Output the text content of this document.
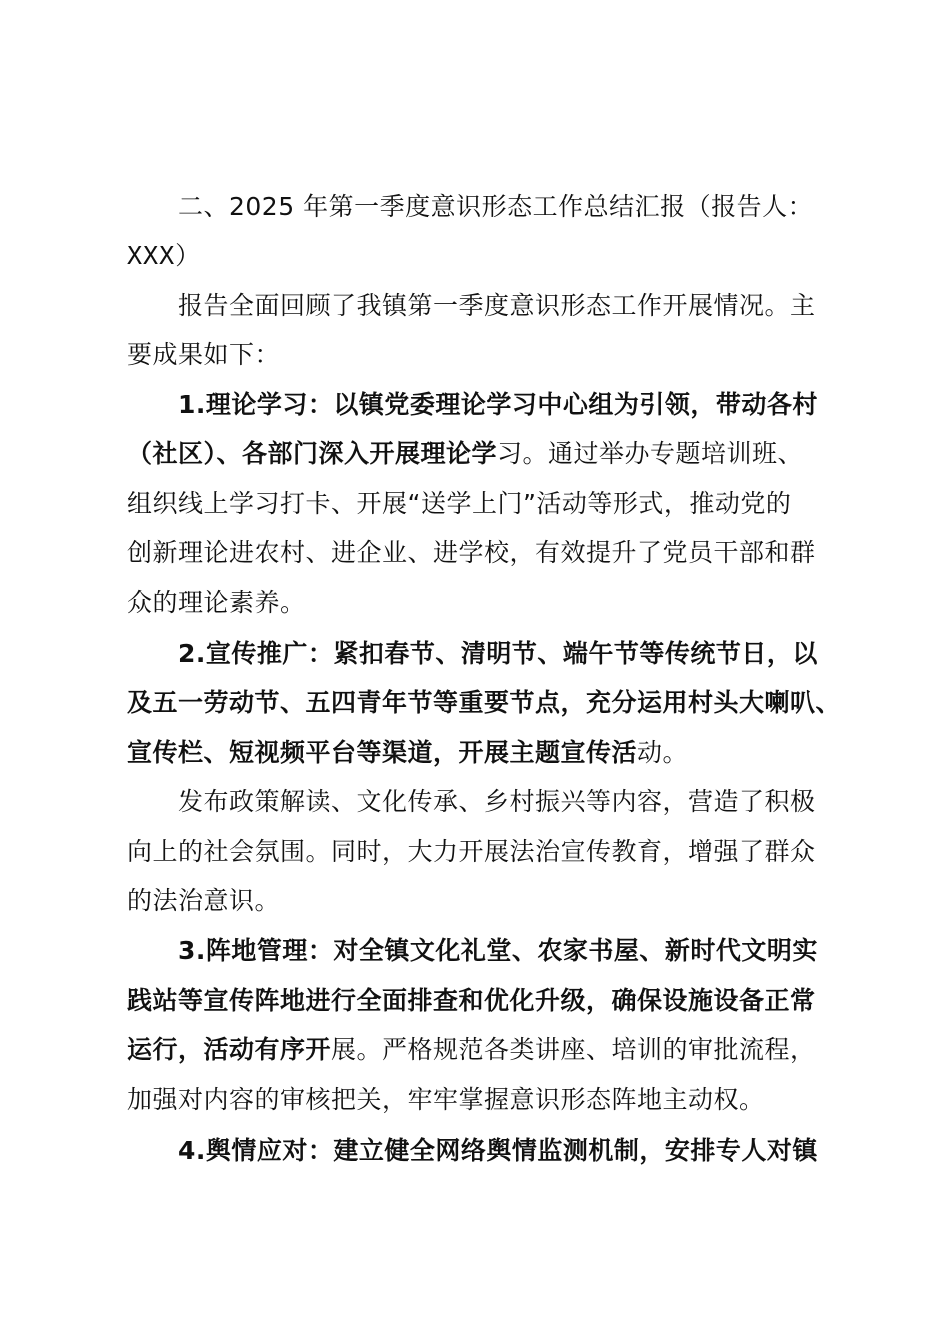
二、2025 年第一季度意识形态工作总结汇报（报告人：
XXX）
报告全面回顾了我镇第一季度意识形态工作开展情况。主
要成果如下：
1.理论学习：以镇党委理论学习中心组为引领，带动各村
（社区）、各部门深入开展理论学习。通过举办专题培训班、
组织线上学习打卡、开展“送学上门”活动等形式，推动党的
创新理论进农村、进企业、进学校，有效提升了党员干部和群
众的理论素养。
2.宣传推广：紧扣春节、清明节、端午节等传统节日，以
及五一劳动节、五四青年节等重要节点，充分运用村头大喇叭、
宣传栏、短视频平台等渠道，开展主题宣传活动。
发布政策解读、文化传承、乡村振兴等内容，营造了积极
向上的社会氛围。同时，大力开展法治宣传教育，增强了群众
的法治意识。
3.阵地管理：对全镇文化礼堂、农家书屋、新时代文明实
践站等宣传阵地进行全面排查和优化升级，确保设施设备正常
运行，活动有序开展。严格规范各类讲座、培训的审批流程，
加强对内容的审核把关，牢牢掌握意识形态阵地主动权。
4.舆情应对：建立健全网络舆情监测机制，安排专人对镇
